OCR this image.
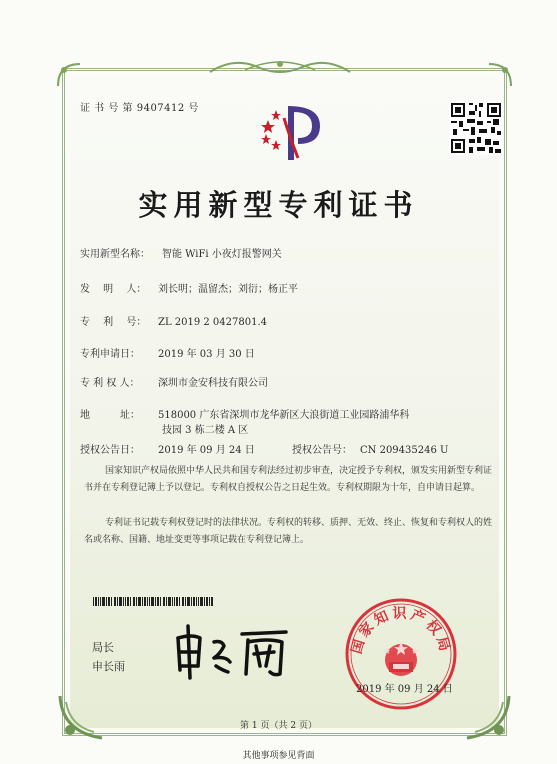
证 书 号 第 9407412 号
实用新型专利证书
实用新型名称： 智能 WiFi 小夜灯报警网关
发　 明 　人： 刘长明；温留杰；刘衍；杨正平
专　 利 　号： ZL 2019 2 0427801.4
专利申请日： 2019 年 03 月 30 日
专 利 权 人： 深圳市金安科技有限公司
地　　　址： 518000 广东省深圳市龙华新区大浪街道工业园路浦华科
技园 3 栋二楼 A 区
授权公告日： 2019 年 09 月 24 日	授权公告号： CN 209435246 U
国家知识产权局依照中华人民共和国专利法经过初步审查，决定授予专利权，颁发实用新型专利证书并在专利登记簿上予以登记。专利权自授权公告之日起生效。专利权期限为十年，自申请日起算。
专利证书记载专利权登记时的法律状况。专利权的转移、质押、无效、终止、恢复和专利权人的姓名或名称、国籍、地址变更等事项记载在专利登记簿上。
局长
申长雨
国家知识产权局
2019 年 09 月 24 日
第 1 页（共 2 页）
其他事项参见背面
